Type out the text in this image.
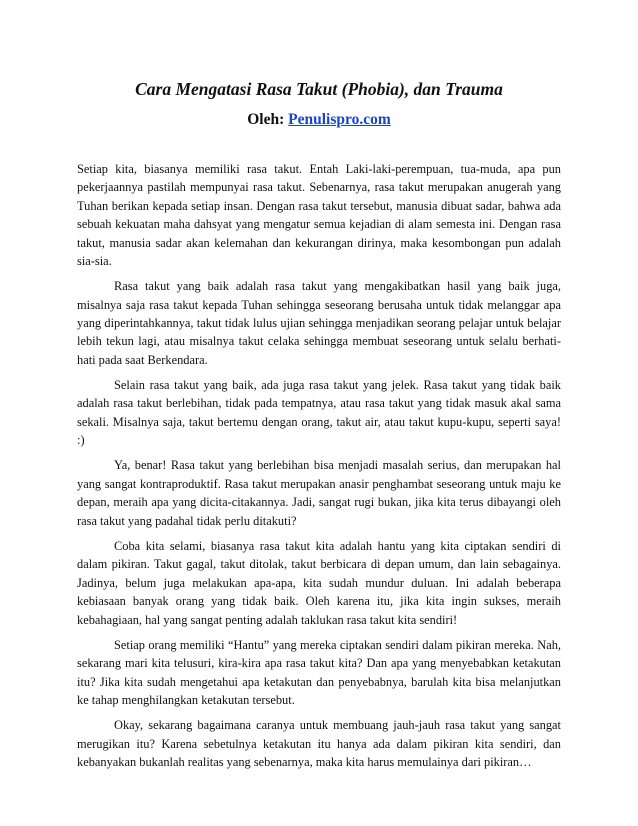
Cara Mengatasi Rasa Takut (Phobia), dan Trauma

Oleh: Penulispro.com

Setiap kita, biasanya memiliki rasa takut. Entah Laki-laki-perempuan, tua-muda, apa pun pekerjaannya pastilah mempunyai rasa takut. Sebenarnya, rasa takut merupakan anugerah yang Tuhan berikan kepada setiap insan. Dengan rasa takut tersebut, manusia dibuat sadar, bahwa ada sebuah kekuatan maha dahsyat yang mengatur semua kejadian di alam semesta ini. Dengan rasa takut, manusia sadar akan kelemahan dan kekurangan dirinya, maka kesombongan pun adalah sia-sia.

Rasa takut yang baik adalah rasa takut yang mengakibatkan hasil yang baik juga, misalnya saja rasa takut kepada Tuhan sehingga seseorang berusaha untuk tidak melanggar apa yang diperintahkannya, takut tidak lulus ujian sehingga menjadikan seorang pelajar untuk belajar lebih tekun lagi, atau misalnya takut celaka sehingga membuat seseorang untuk selalu berhati-hati pada saat Berkendara.

Selain rasa takut yang baik, ada juga rasa takut yang jelek. Rasa takut yang tidak baik adalah rasa takut berlebihan, tidak pada tempatnya, atau rasa takut yang tidak masuk akal sama sekali. Misalnya saja, takut bertemu dengan orang, takut air, atau takut kupu-kupu, seperti saya! :)

Ya, benar! Rasa takut yang berlebihan bisa menjadi masalah serius, dan merupakan hal yang sangat kontraproduktif. Rasa takut merupakan anasir penghambat seseorang untuk maju ke depan, meraih apa yang dicita-citakannya. Jadi, sangat rugi bukan, jika kita terus dibayangi oleh rasa takut yang padahal tidak perlu ditakuti?

Coba kita selami, biasanya rasa takut kita adalah hantu yang kita ciptakan sendiri di dalam pikiran. Takut gagal, takut ditolak, takut berbicara di depan umum, dan lain sebagainya. Jadinya, belum juga melakukan apa-apa, kita sudah mundur duluan. Ini adalah beberapa kebiasaan banyak orang yang tidak baik. Oleh karena itu, jika kita ingin sukses, meraih kebahagiaan, hal yang sangat penting adalah taklukan rasa takut kita sendiri!

Setiap orang memiliki “Hantu” yang mereka ciptakan sendiri dalam pikiran mereka. Nah, sekarang mari kita telusuri, kira-kira apa rasa takut kita? Dan apa yang menyebabkan ketakutan itu? Jika kita sudah mengetahui apa ketakutan dan penyebabnya, barulah kita bisa melanjutkan ke tahap menghilangkan ketakutan tersebut.

Okay, sekarang bagaimana caranya untuk membuang jauh-jauh rasa takut yang sangat merugikan itu? Karena sebetulnya ketakutan itu hanya ada dalam pikiran kita sendiri, dan kebanyakan bukanlah realitas yang sebenarnya, maka kita harus memulainya dari pikiran…
